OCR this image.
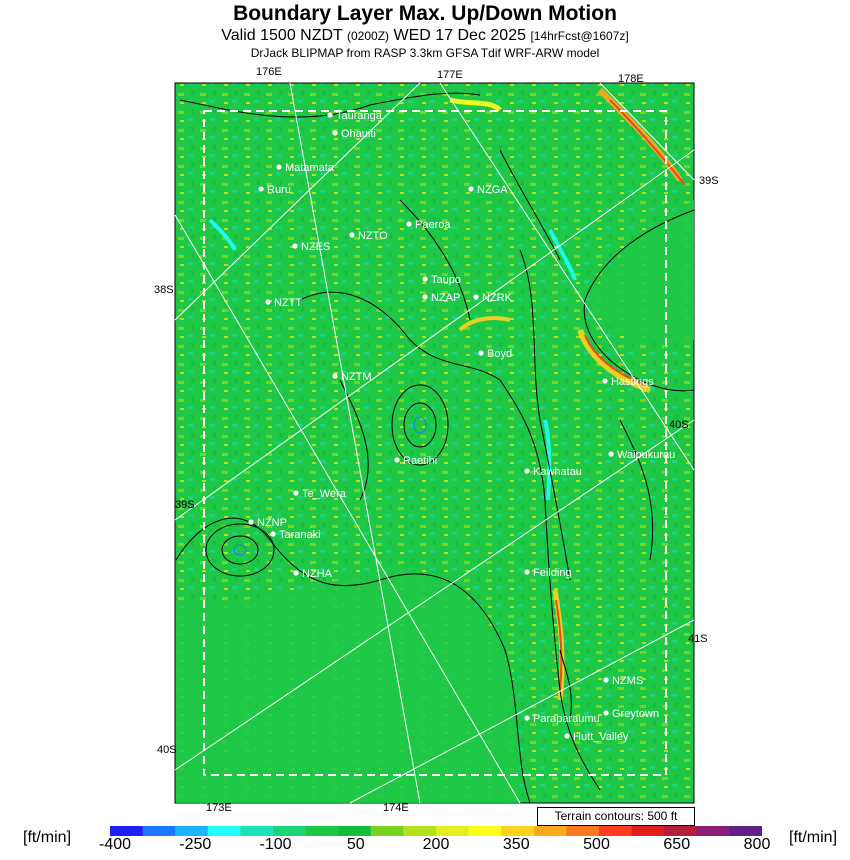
Boundary Layer Max. Up/Down Motion
Valid 1500 NZDT (0200Z) WED 17 Dec 2025 [14hrFcst@1607z]
DrJack BLIPMAP from RASP 3.3km GFSA Tdif WRF-ARW model
Tauranga
Ohauiti
Matamata
Ruru	NZGA
Paeroa
NZTO
NZES
Taupo
NZAP NZRK
NZTT
Boyd
NZTM	Hastings
Raetihi
Kawhatau
Waipukurau
Te_Wera
NZNP
Taranaki
NZHA	Feilding
NZMS
Greytown
Paraparaumu
Hutt_Valley
176E	177E	178E
173E	174E
39S
40S
41S
38S
39S
40S
Terrain contours: 500 ft
[ft/min]	[ft/min]
-400	-250	-100	50	200	350	500	650	800
